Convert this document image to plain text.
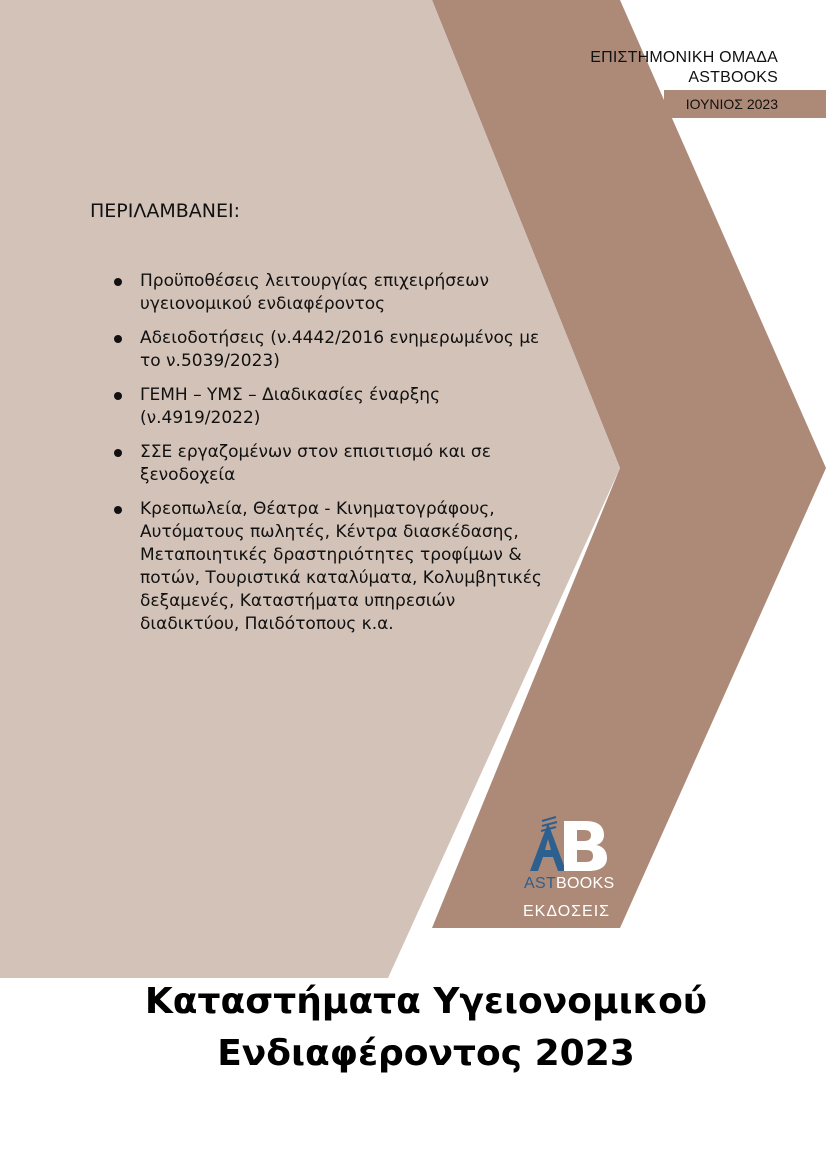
ΕΠΙΣΤΗΜΟΝΙΚΗ ΟΜΑΔΑ
ASTBOOKS
ΙΟΥΝΙΟΣ 2023
ΠΕΡΙΛΑΜΒΑΝΕΙ:
Προϋποθέσεις λειτουργίας επιχειρήσεων
υγειονομικού ενδιαφέροντος
Αδειοδοτήσεις (ν.4442/2016 ενημερωμένος με
το ν.5039/2023)
ΓΕΜΗ – ΥΜΣ – Διαδικασίες έναρξης
(ν.4919/2022)
ΣΣΕ εργαζομένων στον επισιτισμό και σε
ξενοδοχεία
Κρεοπωλεία, Θέατρα - Κινηματογράφους,
Αυτόματους πωλητές, Κέντρα διασκέδασης,
Μεταποιητικές δραστηριότητες τροφίμων &
ποτών, Τουριστικά καταλύματα, Κολυμβητικές
δεξαμενές, Καταστήματα υπηρεσιών
διαδικτύου, Παιδότοπους κ.α.
ASTBOOKS
ΕΚΔΟΣΕΙΣ
Καταστήματα Υγειονομικού
Ενδιαφέροντος 2023
